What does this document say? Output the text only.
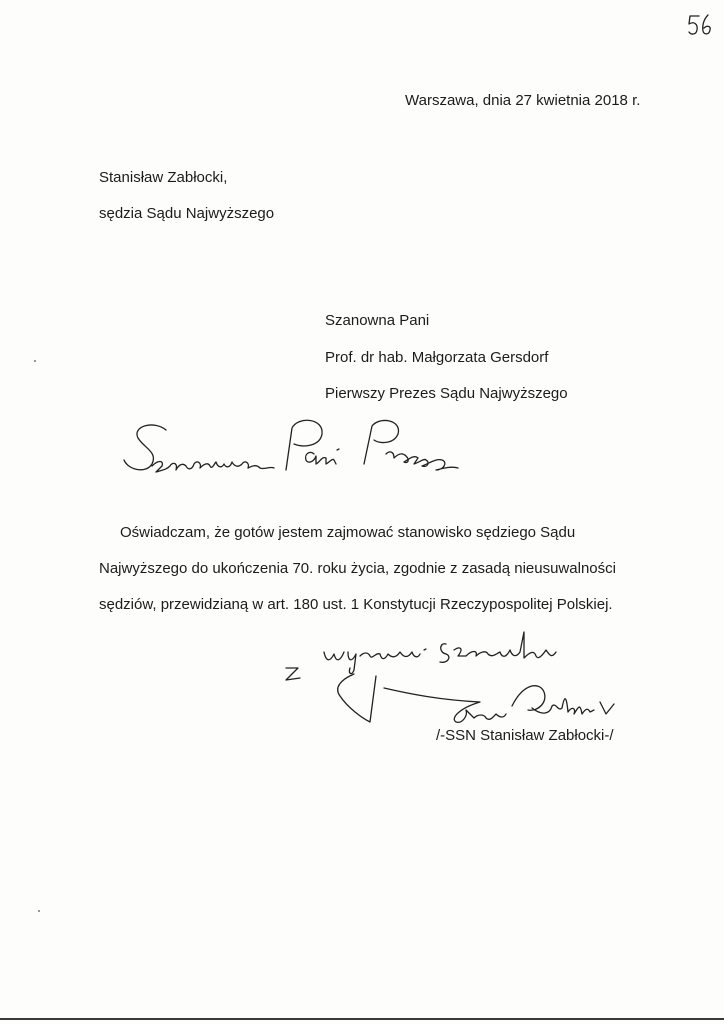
Warszawa, dnia 27 kwietnia 2018 r.
Stanisław Zabłocki,
sędzia Sądu Najwyższego
Szanowna Pani
Prof. dr hab. Małgorzata Gersdorf
Pierwszy Prezes Sądu Najwyższego
Oświadczam, że gotów jestem zajmować stanowisko sędziego Sądu
Najwyższego do ukończenia 70. roku życia, zgodnie z zasadą nieusuwalności
sędziów, przewidzianą w art. 180 ust. 1 Konstytucji Rzeczypospolitej Polskiej.
/-SSN Stanisław Zabłocki-/
